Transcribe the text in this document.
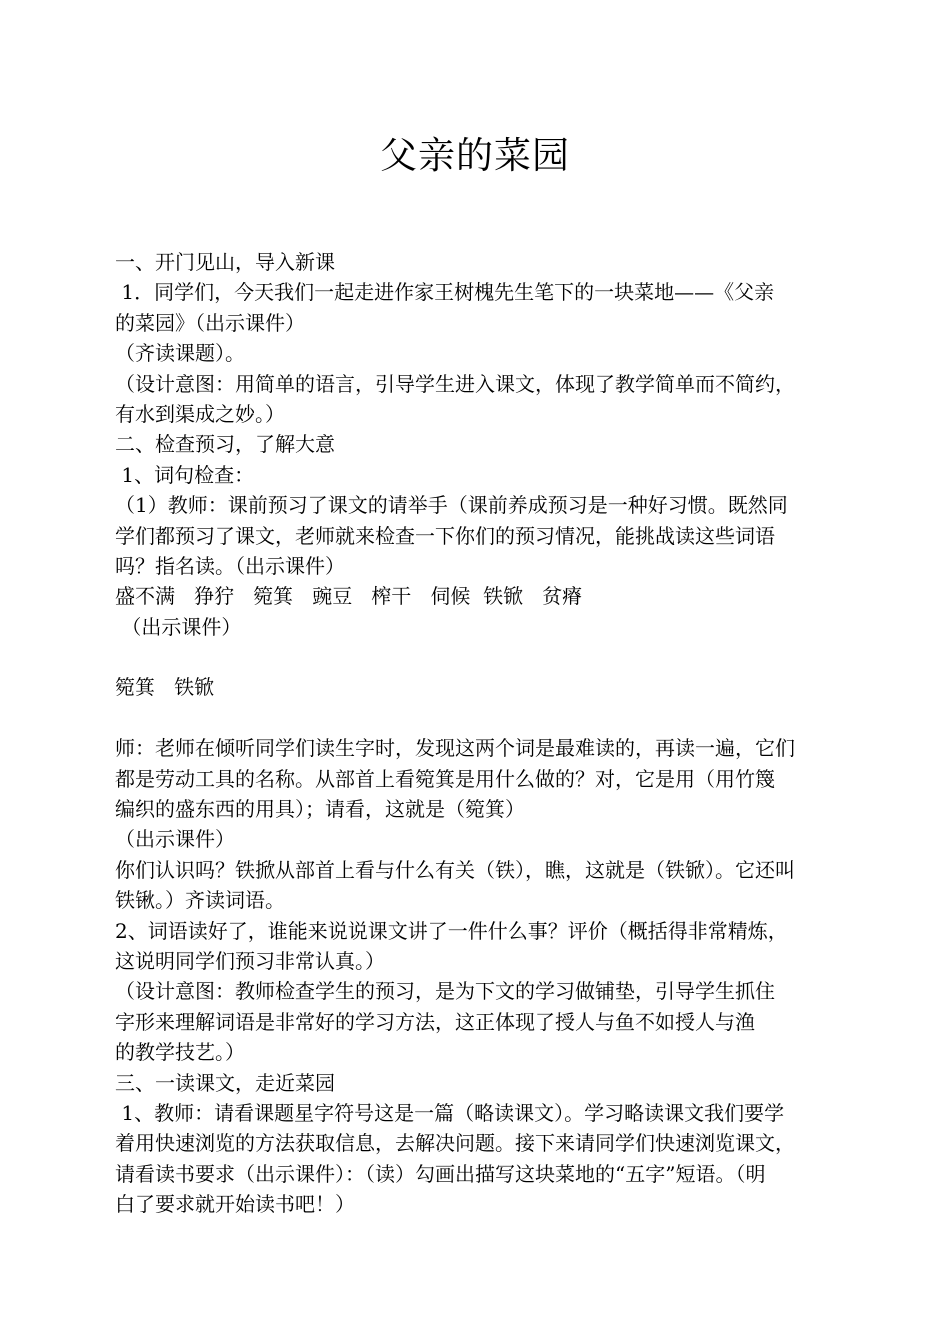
父亲的菜园
一、开门见山，导入新课
1．同学们，今天我们一起走进作家王树槐先生笔下的一块菜地——《父亲
的菜园》（出示课件）
（齐读课题）。
（设计意图：用简单的语言，引导学生进入课文，体现了教学简单而不简约，
有水到渠成之妙。）
二、检查预习，了解大意
1、词句检查：
（1）教师：课前预习了课文的请举手（课前养成预习是一种好习惯。既然同
学们都预习了课文，老师就来检查一下你们的预习情况，能挑战读这些词语
吗？指名读。（出示课件）
盛不满   狰狞   箢箕   豌豆   榨干   伺候  铁锨   贫瘠
（出示课件）
箢箕   铁锨
师：老师在倾听同学们读生字时，发现这两个词是最难读的，再读一遍，它们
都是劳动工具的名称。从部首上看箢箕是用什么做的？对，它是用（用竹篾
编织的盛东西的用具）；请看，这就是（箢箕）
（出示课件）
你们认识吗？铁掀从部首上看与什么有关（铁），瞧，这就是（铁锨）。它还叫
铁锹。）齐读词语。
2、词语读好了，谁能来说说课文讲了一件什么事？评价（概括得非常精炼，
这说明同学们预习非常认真。）
（设计意图：教师检查学生的预习，是为下文的学习做铺垫，引导学生抓住
字形来理解词语是非常好的学习方法，这正体现了授人与鱼不如授人与渔
的教学技艺。）
三、一读课文，走近菜园
1、教师：请看课题星字符号这是一篇（略读课文）。学习略读课文我们要学
着用快速浏览的方法获取信息，去解决问题。接下来请同学们快速浏览课文，
请看读书要求（出示课件）：（读）勾画出描写这块菜地的“五字”短语。（明
白了要求就开始读书吧！）
